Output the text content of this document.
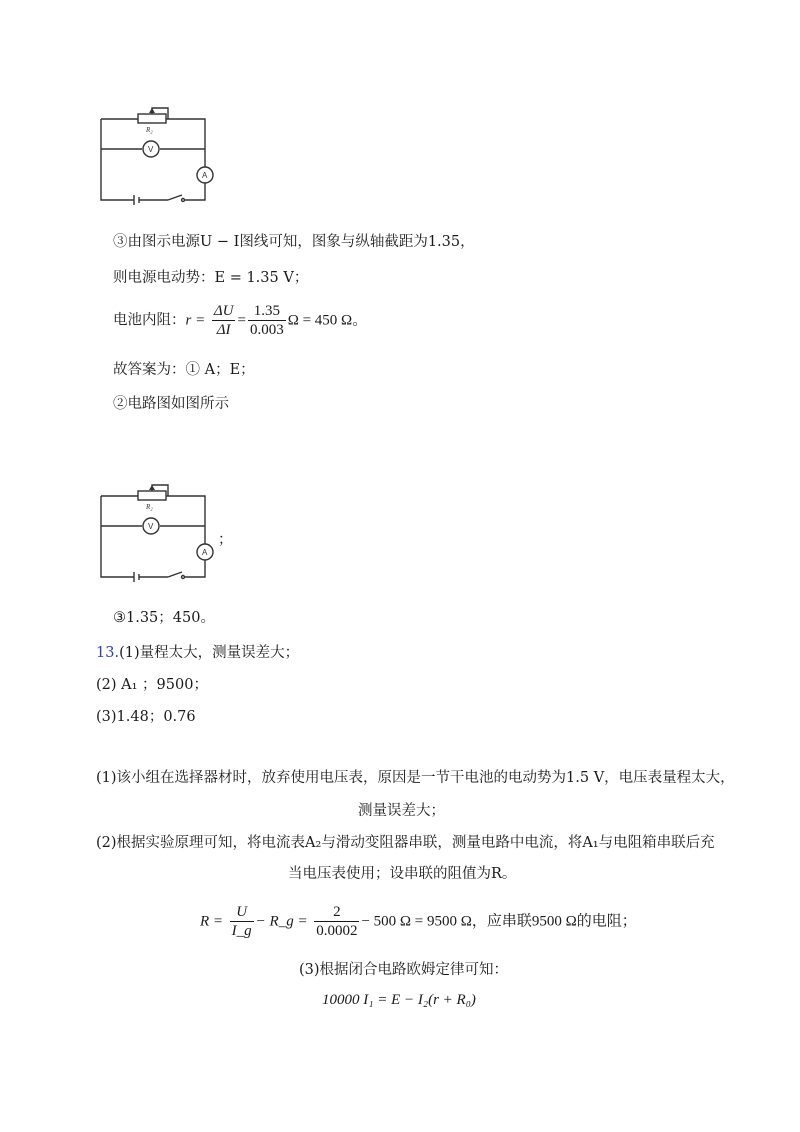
R₂
V
A
③由图示电源U − I图线可知，图象与纵轴截距为1.35，
则电源电动势：E = 1.35 V；
电池内阻：$r = \frac{\Delta U}{\Delta I} = \frac{1.35}{0.003}$ Ω = 450 Ω。
故答案为：① A；E；
②电路图如图所示
R₂
V
A
；
③1.35；450。
13.(1)量程太大，测量误差大；
(2) A₁ ；9500；
(3)1.48；0.76
(1)该小组在选择器材时，放弃使用电压表，原因是一节干电池的电动势为1.5 V，电压表量程太大，
测量误差大；
(2)根据实验原理可知，将电流表A₂与滑动变阻器串联，测量电路中电流，将A₁与电阻箱串联后充
当电压表使用；设串联的阻值为R。
$R = \frac{U}{I\_g}$ − R_g = $\frac{2}{0.0002} - 500$ Ω = 9500 Ω，应串联9500 Ω的电阻；
(3)根据闭合电路欧姆定律可知：
10000 I₁ = E − I₂(r + R₀)
